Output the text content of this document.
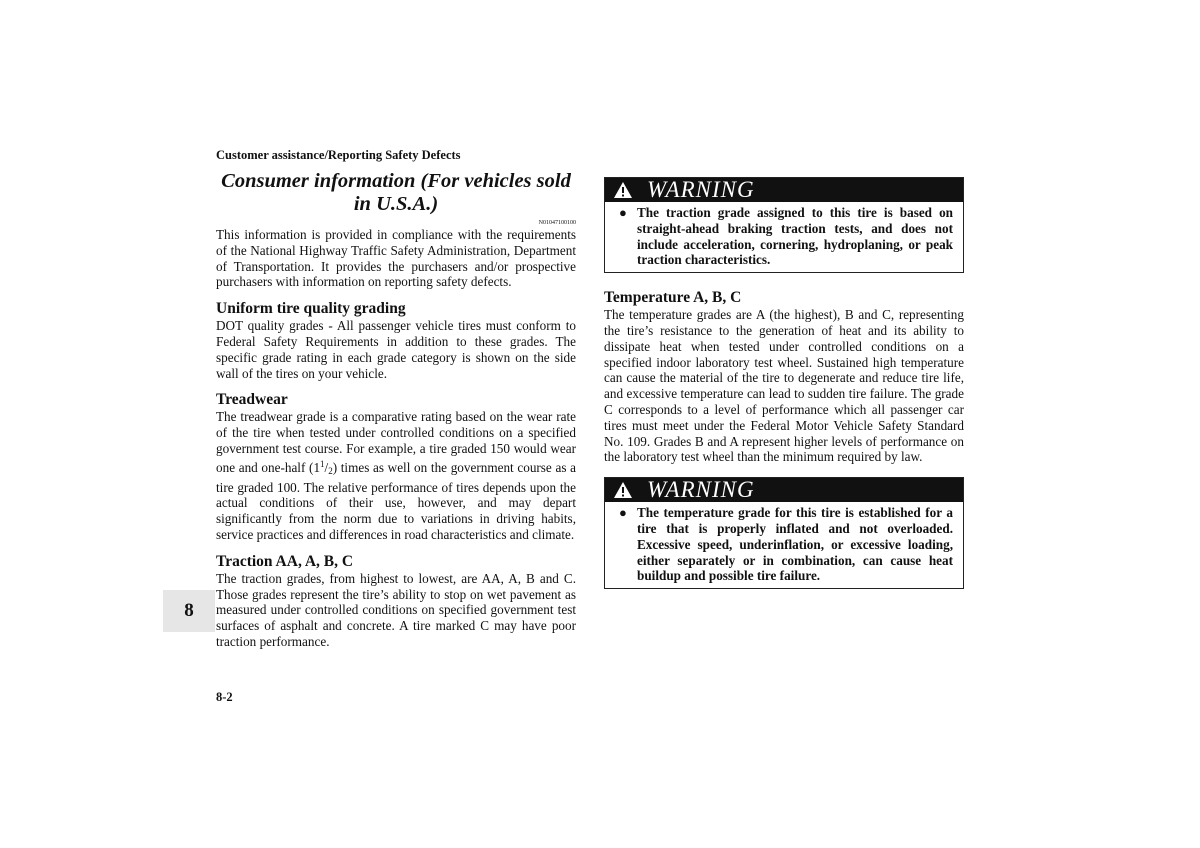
Customer assistance/Reporting Safety Defects
Consumer information (For vehicles sold in U.S.A.)
N01047100100

This information is provided in compliance with the requirements of the National Highway Traffic Safety Administration, Department of Transportation. It provides the purchasers and/or prospective purchasers with information on reporting safety defects.

Uniform tire quality grading

DOT quality grades - All passenger vehicle tires must conform to Federal Safety Requirements in addition to these grades. The specific grade rating in each grade category is shown on the side wall of the tires on your vehicle.

Treadwear

The treadwear grade is a comparative rating based on the wear rate of the tire when tested under controlled conditions on a specified government test course. For example, a tire graded 150 would wear one and one-half $(1^1/_2)$ times as well on the government course as a tire graded 100. The relative performance of tires depends upon the actual conditions of their use, however, and may depart significantly from the norm due to variations in driving habits, service practices and differences in road characteristics and climate.

Traction AA, A, B, C

The traction grades, from highest to lowest, are AA, A, B and C. Those grades represent the tire’s ability to stop on wet pavement as measured under controlled conditions on specified government test surfaces of asphalt and concrete. A tire marked C may have poor traction performance.

WARNING
● The traction grade assigned to this tire is based on straight-ahead braking traction tests, and does not include acceleration, cornering, hydroplaning, or peak traction characteristics.

Temperature A, B, C

The temperature grades are A (the highest), B and C, representing the tire’s resistance to the generation of heat and its ability to dissipate heat when tested under controlled conditions on a specified indoor laboratory test wheel. Sustained high temperature can cause the material of the tire to degenerate and reduce tire life, and excessive temperature can lead to sudden tire failure. The grade C corresponds to a level of performance which all passenger car tires must meet under the Federal Motor Vehicle Safety Standard No. 109. Grades B and A represent higher levels of performance on the laboratory test wheel than the minimum required by law.

WARNING
● The temperature grade for this tire is established for a tire that is properly inflated and not overloaded. Excessive speed, underinflation, or excessive loading, either separately or in combination, can cause heat buildup and possible tire failure.

8
8-2
